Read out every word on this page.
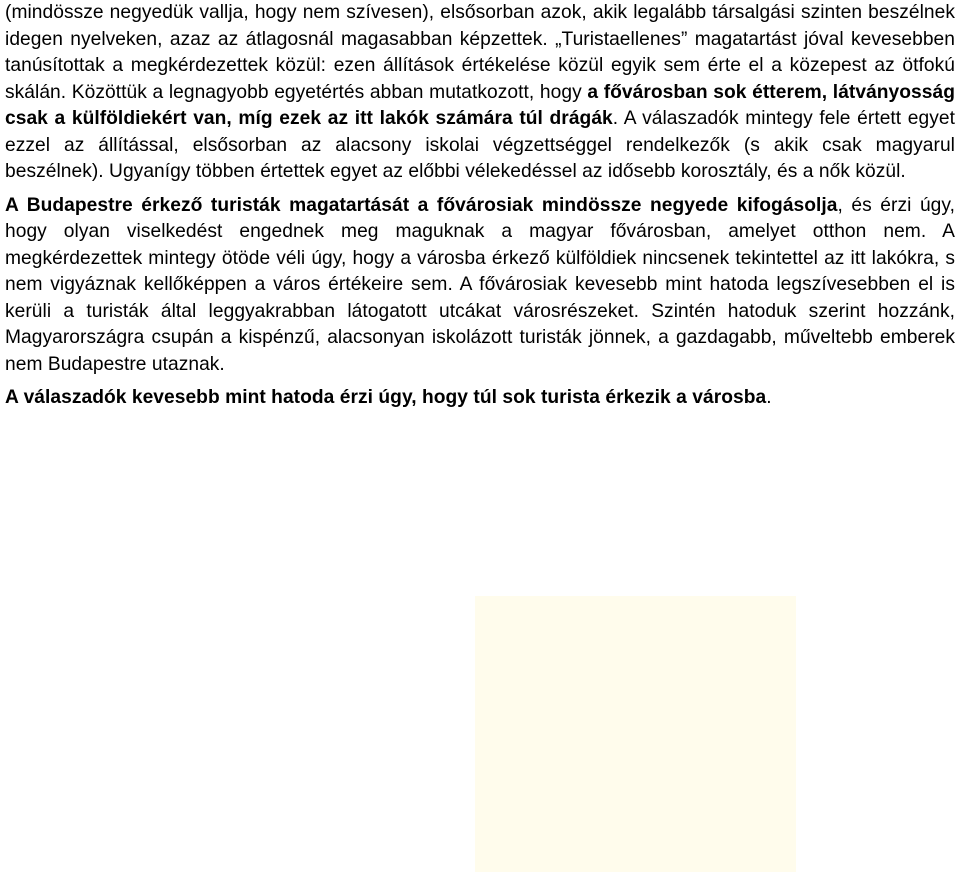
(mindössze negyedük vallja, hogy nem szívesen), elsősorban azok, akik legalább társalgási szinten beszélnek idegen nyelveken, azaz az átlagosnál magasabban képzettek. „Turistaellenes” magatartást jóval kevesebben tanúsítottak a megkérdezettek közül: ezen állítások értékelése közül egyik sem érte el a közepest az ötfokú skálán. Közöttük a legnagyobb egyetértés abban mutatkozott, hogy a fővárosban sok étterem, látványosság csak a külföldiekért van, míg ezek az itt lakók számára túl drágák. A válaszadók mintegy fele értett egyet ezzel az állítással, elsősorban az alacsony iskolai végzettséggel rendelkezők (s akik csak magyarul beszélnek). Ugyanígy többen értettek egyet az előbbi vélekedéssel az idősebb korosztály, és a nők közül.

A Budapestre érkező turisták magatartását a fővárosiak mindössze negyede kifogásolja, és érzi úgy, hogy olyan viselkedést engednek meg maguknak a magyar fővárosban, amelyet otthon nem. A megkérdezettek mintegy ötöde véli úgy, hogy a városba érkező külföldiek nincsenek tekintettel az itt lakókra, s nem vigyáznak kellőképpen a város értékeire sem. A fővárosiak kevesebb mint hatoda legszívesebben el is kerüli a turisták által leggyakrabban látogatott utcákat városrészeket. Szintén hatoduk szerint hozzánk, Magyarországra csupán a kispénzű, alacsonyan iskolázott turisták jönnek, a gazdagabb, műveltebb emberek nem Budapestre utaznak.

A válaszadók kevesebb mint hatoda érzi úgy, hogy túl sok turista érkezik a városba.
